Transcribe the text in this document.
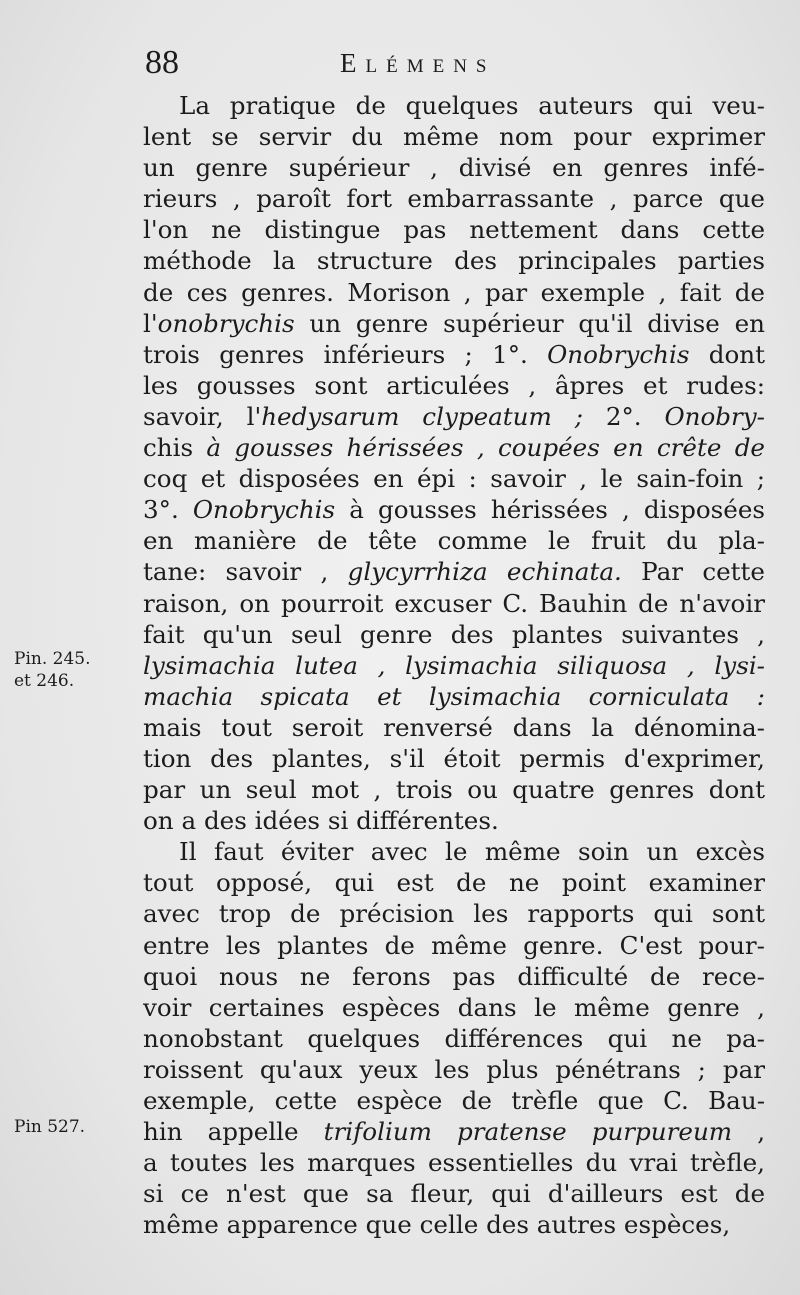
88	Elémens
Pin. 245.
et 246.
Pin 527.
La pratique de quelques auteurs qui veu-
lent se servir du même nom pour exprimer
un genre supérieur , divisé en genres infé-
rieurs , paroît fort embarrassante , parce que
l'on ne distingue pas nettement dans cette
méthode la structure des principales parties
de ces genres. Morison , par exemple , fait de
l'onobrychis un genre supérieur qu'il divise en
trois genres inférieurs ; 1°. Onobrychis dont
les gousses sont articulées , âpres et rudes:
savoir, l'hedysarum clypeatum ; 2°. Onobry-
chis à gousses hérissées , coupées en crête de
coq et disposées en épi : savoir , le sain-foin ;
3°. Onobrychis à gousses hérissées , disposées
en manière de tête comme le fruit du pla-
tane: savoir , glycyrrhiza echinata. Par cette
raison, on pourroit excuser C. Bauhin de n'avoir
fait qu'un seul genre des plantes suivantes ,
lysimachia lutea , lysimachia siliquosa , lysi-
machia spicata et lysimachia corniculata :
mais tout seroit renversé dans la dénomina-
tion des plantes, s'il étoit permis d'exprimer,
par un seul mot , trois ou quatre genres dont
on a des idées si différentes.
Il faut éviter avec le même soin un excès
tout opposé, qui est de ne point examiner
avec trop de précision les rapports qui sont
entre les plantes de même genre. C'est pour-
quoi nous ne ferons pas difficulté de rece-
voir certaines espèces dans le même genre ,
nonobstant quelques différences qui ne pa-
roissent qu'aux yeux les plus pénétrans ; par
exemple, cette espèce de trèfle que C. Bau-
hin appelle trifolium pratense purpureum ,
a toutes les marques essentielles du vrai trèfle,
si ce n'est que sa fleur, qui d'ailleurs est de
même apparence que celle des autres espèces,
